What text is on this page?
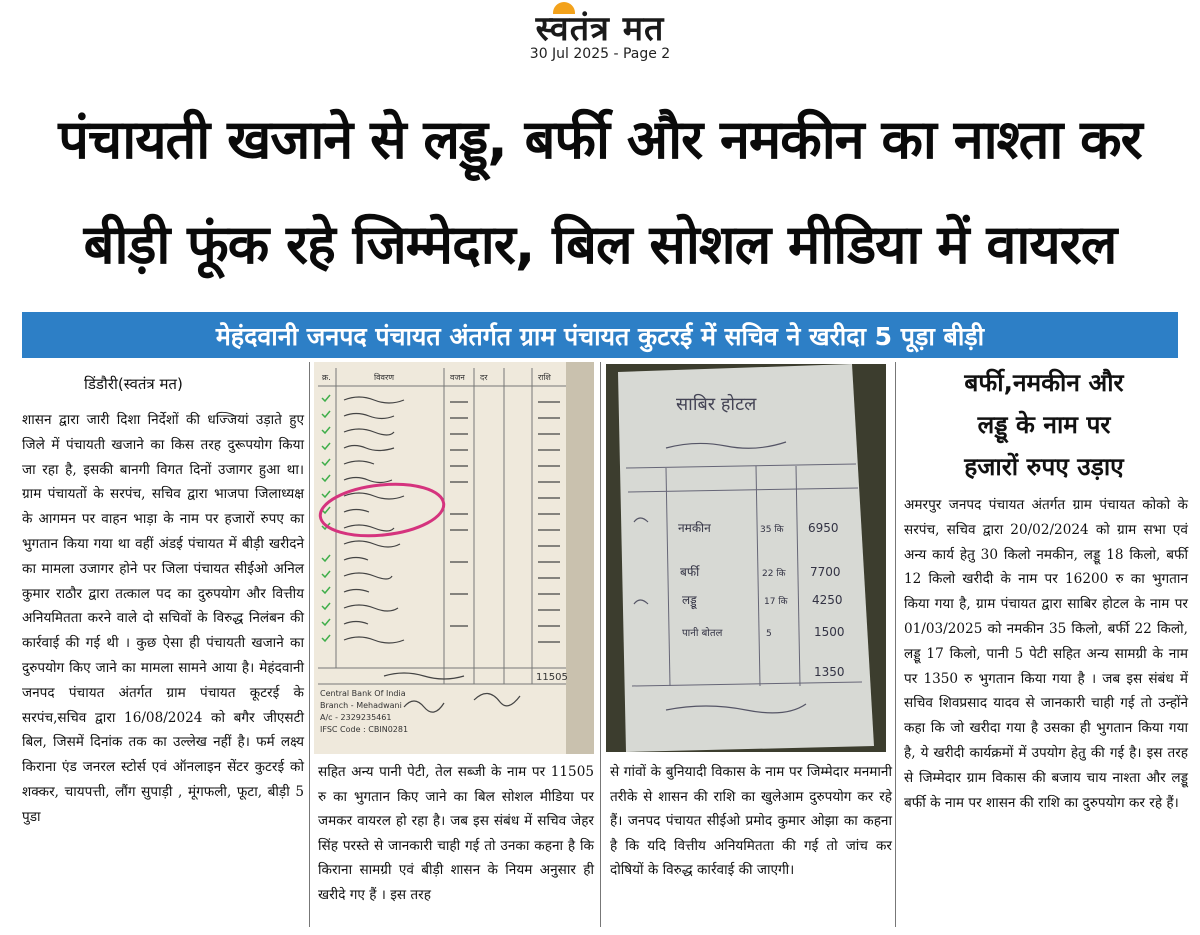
स्वतंत्र मत
30 Jul 2025 - Page 2
पंचायती खजाने से लड्डू, बर्फी और नमकीन का नाश्ता कर
बीड़ी फूंक रहे जिम्मेदार, बिल सोशल मीडिया में वायरल
मेहंदवानी जनपद पंचायत अंतर्गत ग्राम पंचायत कुटरई में सचिव ने खरीदा 5 पूड़ा बीड़ी
डिंडौरी(स्वतंत्र मत)

शासन द्वारा जारी दिशा निर्देशों की धज्जियां उड़ाते हुए जिले में पंचायती खजाने का किस तरह दुरूपयोग किया जा रहा है, इसकी बानगी विगत दिनों उजागर हुआ था। ग्राम पंचायतों के सरपंच, सचिव द्वारा भाजपा जिलाध्यक्ष के आगमन पर वाहन भाड़ा के नाम पर हजारों रुपए का भुगतान किया गया था वहीं अंडई पंचायत में बीड़ी खरीदने का मामला उजागर होने पर जिला पंचायत सीईओ अनिल कुमार राठौर द्वारा तत्काल पद का दुरुपयोग और वित्तीय अनियमितता करने वाले दो सचिवों के विरुद्ध निलंबन की कार्रवाई की गई थी । कुछ ऐसा ही पंचायती खजाने का दुरुपयोग किए जाने का मामला सामने आया है। मेहंदवानी जनपद पंचायत अंतर्गत ग्राम पंचायत कूटरई के सरपंच,सचिव द्वारा 16/08/2024 को बगैर जीएसटी बिल, जिसमें दिनांक तक का उल्लेख नहीं है। फर्म लक्ष्य किराना एंड जनरल स्टोर्स एवं ऑनलाइन सेंटर कुटरई को शक्कर, चायपत्ती, लौंग सुपाड़ी , मूंगफली, फूटा, बीड़ी 5 पुडा

क्र.	विवरण	वजन दर	राशि
11505
Central Bank Of India
Branch - Mehadwani
A/c - 2329235461
IFSC Code : CBIN0281
साबिर होटल
नमकीन	35 कि 6950
बर्फी	22 कि 7700
लड्डू	17 कि 4250
पानी बोतल	5	1500
1350

सहित अन्य पानी पेटी, तेल सब्जी के नाम पर 11505 रु का भुगतान किए जाने का बिल सोशल मीडिया पर जमकर वायरल हो रहा है। जब इस संबंध में सचिव जेहर सिंह परस्ते से जानकारी चाही गई तो उनका कहना है कि किराना सामग्री एवं बीड़ी शासन के नियम अनुसार ही खरीदे गए हैं । इस तरह

से गांवों के बुनियादी विकास के नाम पर जिम्मेदार मनमानी तरीके से शासन की राशि का खुलेआम दुरुपयोग कर रहे हैं। जनपद पंचायत सीईओ प्रमोद कुमार ओझा का कहना है कि यदि वित्तीय अनियमितता की गई तो जांच कर दोषियों के विरुद्ध कार्रवाई की जाएगी।

बर्फी,नमकीन और
लड्डू के नाम पर
हजारों रुपए उड़ाए

अमरपुर जनपद पंचायत अंतर्गत ग्राम पंचायत कोको के सरपंच, सचिव द्वारा 20/02/2024 को ग्राम सभा एवं अन्य कार्य हेतु 30 किलो नमकीन, लड्डू 18 किलो, बर्फी 12 किलो खरीदी के नाम पर 16200 रु का भुगतान किया गया है, ग्राम पंचायत द्वारा साबिर होटल के नाम पर 01/03/2025 को नमकीन 35 किलो, बर्फी 22 किलो, लड्डू 17 किलो, पानी 5 पेटी सहित अन्य सामग्री के नाम पर 1350 रु भुगतान किया गया है । जब इस संबंध में सचिव शिवप्रसाद यादव से जानकारी चाही गई तो उन्होंने कहा कि जो खरीदा गया है उसका ही भुगतान किया गया है, ये खरीदी कार्यक्रमों में उपयोग हेतु की गई है। इस तरह से जिम्मेदार ग्राम विकास की बजाय चाय नाश्ता और लड्डू बर्फी के नाम पर शासन की राशि का दुरुपयोग कर रहे हैं।
